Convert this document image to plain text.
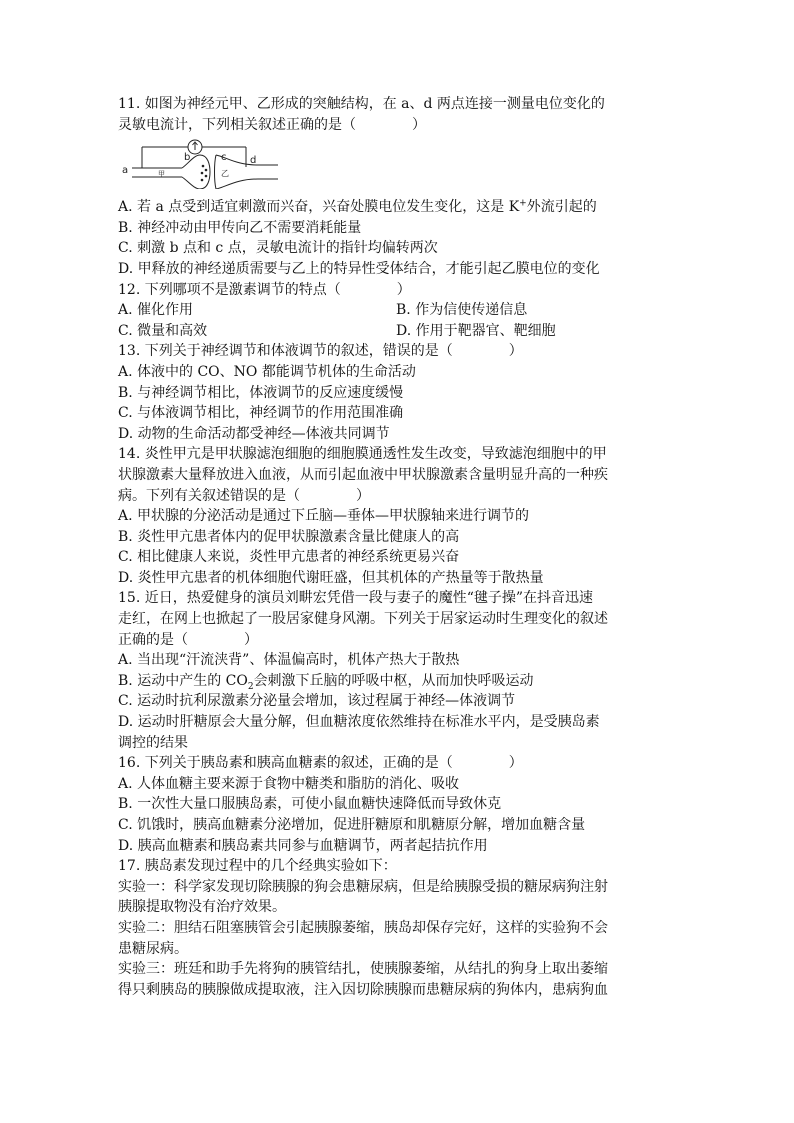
11. 如图为神经元甲、乙形成的突触结构，在 a、d 两点连接一测量电位变化的
灵敏电流计，下列相关叙述正确的是（　　　　）
a	甲
b	c
乙
d
A. 若 a 点受到适宜刺激而兴奋，兴奋处膜电位发生变化，这是 K+外流引起的
B. 神经冲动由甲传向乙不需要消耗能量
C. 刺激 b 点和 c 点，灵敏电流计的指针均偏转两次
D. 甲释放的神经递质需要与乙上的特异性受体结合，才能引起乙膜电位的变化
12. 下列哪项不是激素调节的特点（　　　　）
A. 催化作用	B. 作为信使传递信息
C. 微量和高效	D. 作用于靶器官、靶细胞
13. 下列关于神经调节和体液调节的叙述，错误的是（　　　　）
A. 体液中的 CO、NO 都能调节机体的生命活动
B. 与神经调节相比，体液调节的反应速度缓慢
C. 与体液调节相比，神经调节的作用范围准确
D. 动物的生命活动都受神经—体液共同调节
14. 炎性甲亢是甲状腺滤泡细胞的细胞膜通透性发生改变，导致滤泡细胞中的甲
状腺激素大量释放进入血液，从而引起血液中甲状腺激素含量明显升高的一种疾
病。下列有关叙述错误的是（　　　　）
A. 甲状腺的分泌活动是通过下丘脑—垂体—甲状腺轴来进行调节的
B. 炎性甲亢患者体内的促甲状腺激素含量比健康人的高
C. 相比健康人来说，炎性甲亢患者的神经系统更易兴奋
D. 炎性甲亢患者的机体细胞代谢旺盛，但其机体的产热量等于散热量
15. 近日，热爱健身的演员刘畊宏凭借一段与妻子的魔性“毽子操”在抖音迅速
走红，在网上也掀起了一股居家健身风潮。下列关于居家运动时生理变化的叙述
正确的是（　　　　）
A. 当出现“汗流浃背”、体温偏高时，机体产热大于散热
B. 运动中产生的 $CO_2$会刺激下丘脑的呼吸中枢，从而加快呼吸运动
C. 运动时抗利尿激素分泌量会增加，该过程属于神经—体液调节
D. 运动时肝糖原会大量分解，但血糖浓度依然维持在标准水平内，是受胰岛素
调控的结果
16. 下列关于胰岛素和胰高血糖素的叙述，正确的是（　　　　）
A. 人体血糖主要来源于食物中糖类和脂肪的消化、吸收
B. 一次性大量口服胰岛素，可使小鼠血糖快速降低而导致休克
C. 饥饿时，胰高血糖素分泌增加，促进肝糖原和肌糖原分解，增加血糖含量
D. 胰高血糖素和胰岛素共同参与血糖调节，两者起拮抗作用
17. 胰岛素发现过程中的几个经典实验如下：
实验一：科学家发现切除胰腺的狗会患糖尿病，但是给胰腺受损的糖尿病狗注射
胰腺提取物没有治疗效果。
实验二：胆结石阻塞胰管会引起胰腺萎缩，胰岛却保存完好，这样的实验狗不会
患糖尿病。
实验三：班廷和助手先将狗的胰管结扎，使胰腺萎缩，从结扎的狗身上取出萎缩
得只剩胰岛的胰腺做成提取液，注入因切除胰腺而患糖尿病的狗体内，患病狗血
